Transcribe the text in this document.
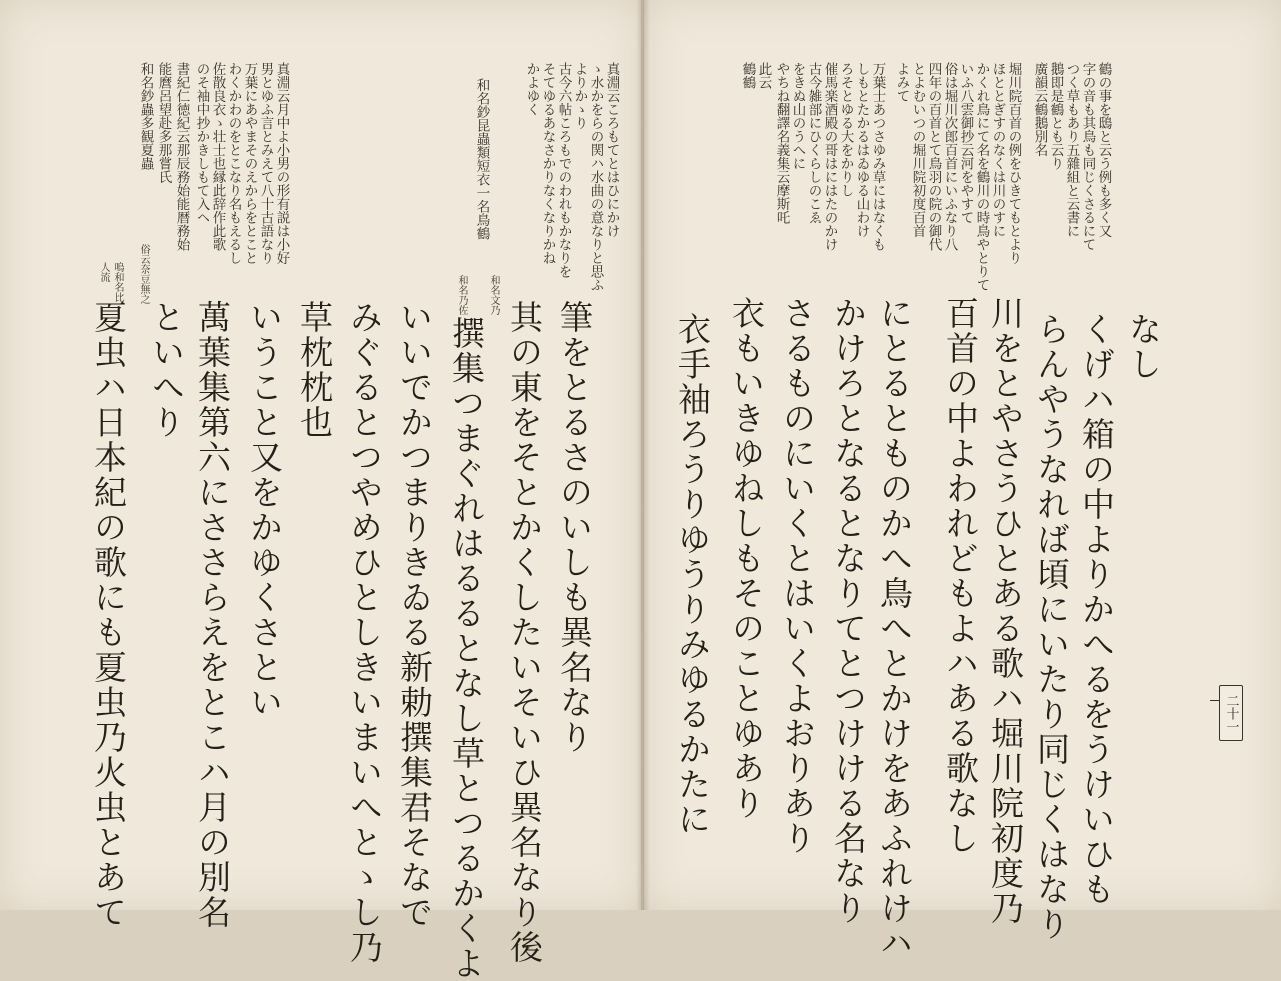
鶴の事を鴟と云う例も多く又
字の音も其鳥も同じくさるにて
つく草もあり五雜組と云書に
鵝即是鶴とも云り
廣韻云鶴鵝別名
堀川院百首の例をひきてもとより
ほととぎすのなくは川のすに
かくれ鳥にて名を鶴川の時鳥やとりて
いふ八雲御抄云河をやすて
俗は堀川次郎百首にいふなり八
四年の百首とて鳥羽の院の御代
とよむいつの堀川院初度百首
よみて
万葉士あつさゆみ草にはなくも
しもとたかるはゐゆる山わけ
ろそとゆる大をかりし
催馬楽酒殿の哥はにはたのかけ
古今雑部にひくらしのこゑ
をきぬ山のうへに
やちね翻譯名義集云摩斯吒
此云
鶴鶴
なし
くげハ箱の中よりかへるをうけいひも
らんやうなれば頃にいたり同じくはなり
川をとやさうひとある歌ハ堀川院初度乃
百首の中よわれどもよハある歌なし
にとるとものかへ鳥へとかけをあふれけハ
かけろとなるとなりてとつけける名なり
さるものにいくとはいくよおりあり
衣もいきゆねしもそのことゆあり
衣手袖ろうりゆうりみゆるかたに	二十一
真淵云ころもてとはひにかけ
ゝ水かをらの関ハ水曲の意なりと思ふ
よりかゝり
古今六帖ころもでのわれもかなりを
そてゆるあなさかりなくなりかね
かよゆく
和名鈔昆蟲類短衣一名鳥鶴
和名文乃
和名乃佐
真淵云月中よ小男の形有説は小好
男とゆふ言とみえて八十古語なり
万葉にあやまそのえからをとこと
わくかわのをとこなり名もえるし
佐散良衣ゝ壮士也縁此辞作此歌
のそ袖中抄かきしもて入ヘ
書紀仁徳紀云那辰務始能暦務始
能麿呂望赴多那嘗氏
和名鈔蟲多観夏蟲
俗云奈豆無之
嗚和名比
人流
筆をとるさのいしも異名なり
其の東をそとかくしたいそいひ異名なり後
撰集つまぐれはるるとなし草とつるかくよ
いいでかつまりきゐる新勅撰集君そなで
みぐるとつやめひとしきいまいへとゝし乃
草枕枕也
いうこと又をかゆくさとい
萬葉集第六にささらえをとこハ月の別名
といへり
夏虫ハ日本紀の歌にも夏虫乃火虫とあて
